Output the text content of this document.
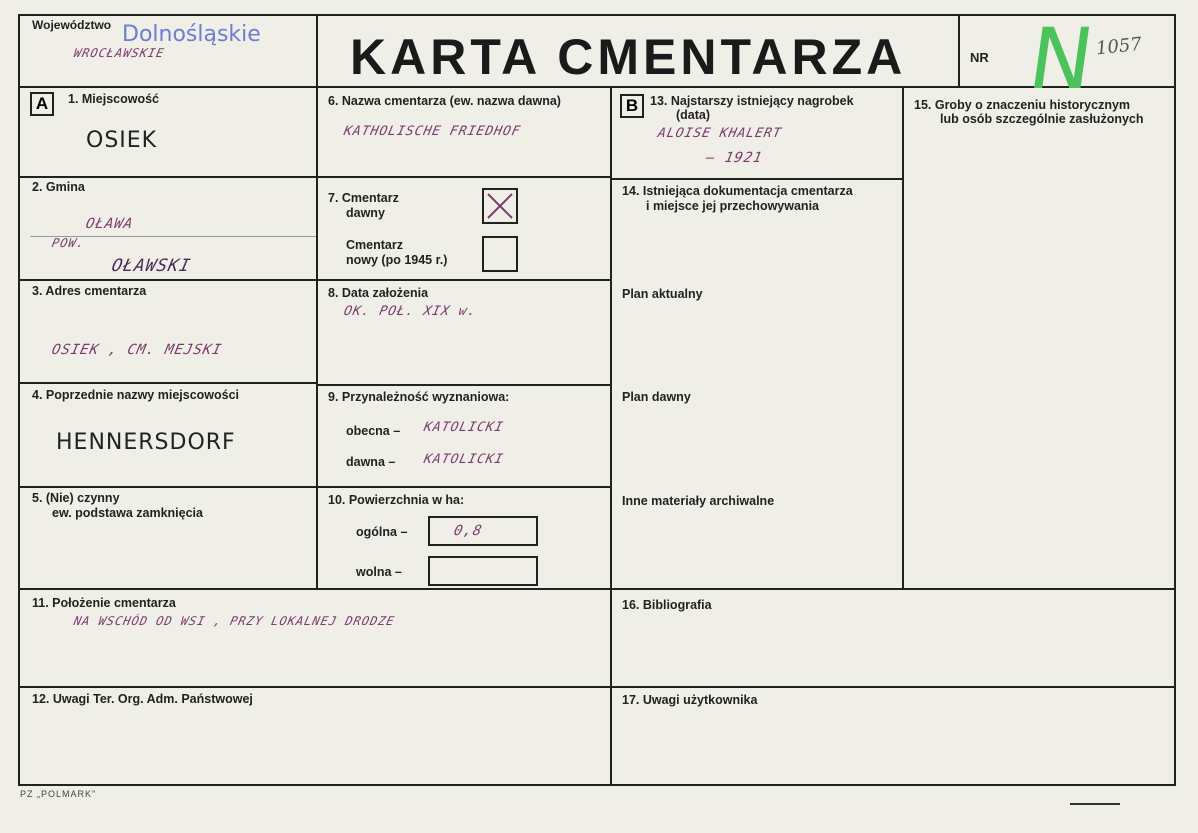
Województwo Dolnośląskie
WROCŁAWSKIE	KARTA CMENTARZA	NR N
1057
A	B
1. Miejscowość
OSIEK
2. Gmina
OŁAWA
POW.
OŁAWSKI
3. Adres cmentarza
OSIEK , CM. MEJSKI
4. Poprzednie nazwy miejscowości
HENNERSDORF
5. (Nie) czynny
ew. podstawa zamknięcia
6. Nazwa cmentarza (ew. nazwa dawna)
KATHOLISCHE FRIEDHOF
7. Cmentarz
dawny
Cmentarz
nowy (po 1945 r.)
8. Data założenia
OK. POŁ. XIX w.
9. Przynależność wyznaniowa:
obecna – KATOLICKI
dawna – KATOLICKI
10. Powierzchnia w ha:
ogólna –	0,8
wolna –
11. Położenie cmentarza
NA WSCHÓD OD WSI , PRZY LOKALNEJ DRODZE
12. Uwagi Ter. Org. Adm. Państwowej
13. Najstarszy istniejący nagrobek
(data)
ALOISE KHALERT
— 1921
14. Istniejąca dokumentacja cmentarza
i miejsce jej przechowywania
Plan aktualny
Plan dawny
Inne materiały archiwalne
15. Groby o znaczeniu historycznym
lub osób szczególnie zasłużonych
16. Bibliografia
17. Uwagi użytkownika
PZ „POLMARK”
